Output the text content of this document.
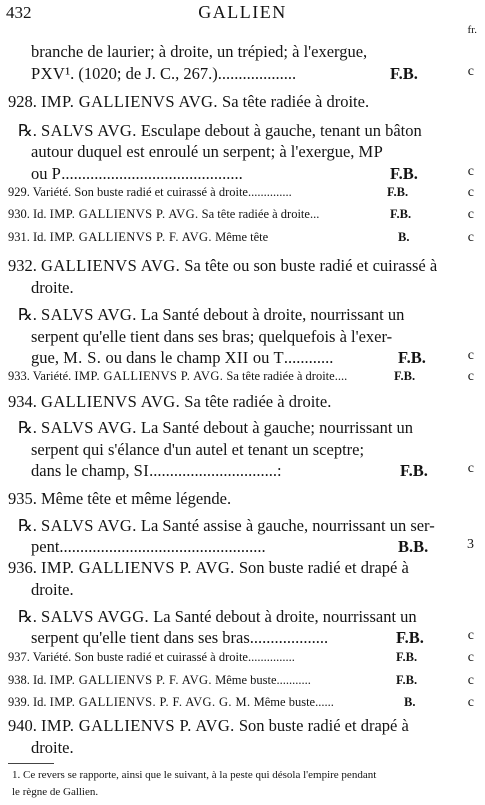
432	GALLIEN
fr.
branche de laurier; à droite, un trépied; à l'exergue,
PXV¹. (1020; de J. C., 267.)...................	F.B.	c
928. IMP. GALLIENVS AVG. Sa tête radiée à droite.
℞. SALVS AVG. Esculape debout à gauche, tenant un bâton
autour duquel est enroulé un serpent; à l'exergue, MP
ou P............................................	F.B.	c
929. Variété. Son buste radié et cuirassé à droite..............	F.B.	c
930. Id. IMP. GALLIENVS P. AVG. Sa tête radiée à droite...	F.B.	c
931. Id. IMP. GALLIENVS P. F. AVG. Même tête	B.	c
932. GALLIENVS AVG. Sa tête ou son buste radié et cuirassé à
droite.
℞. SALVS AVG. La Santé debout à droite, nourrissant un
serpent qu'elle tient dans ses bras; quelquefois à l'exer-
gue, M. S. ou dans le champ XII ou T............	F.B.	c
933. Variété. IMP. GALLIENVS P. AVG. Sa tête radiée à droite....	F.B.	c
934. GALLIENVS AVG. Sa tête radiée à droite.
℞. SALVS AVG. La Santé debout à gauche; nourrissant un
serpent qui s'élance d'un autel et tenant un sceptre;
dans le champ, SI...............................:	F.B.	c
935. Même tête et même légende.
℞. SALVS AVG. La Santé assise à gauche, nourrissant un ser-
pent..................................................	B.B.	3
936. IMP. GALLIENVS P. AVG. Son buste radié et drapé à
droite.
℞. SALVS AVGG. La Santé debout à droite, nourrissant un
serpent qu'elle tient dans ses bras...................	F.B.	c
937. Variété. Son buste radié et cuirassé à droite...............	F.B.	c
938. Id. IMP. GALLIENVS P. F. AVG. Même buste...........	F.B.	c
939. Id. IMP. GALLIENVS. P. F. AVG. G. M. Même buste......	B.	c
940. IMP. GALLIENVS P. AVG. Son buste radié et drapé à
droite.
1. Ce revers se rapporte, ainsi que le suivant, à la peste qui désola l'empire pendant
le règne de Gallien.
